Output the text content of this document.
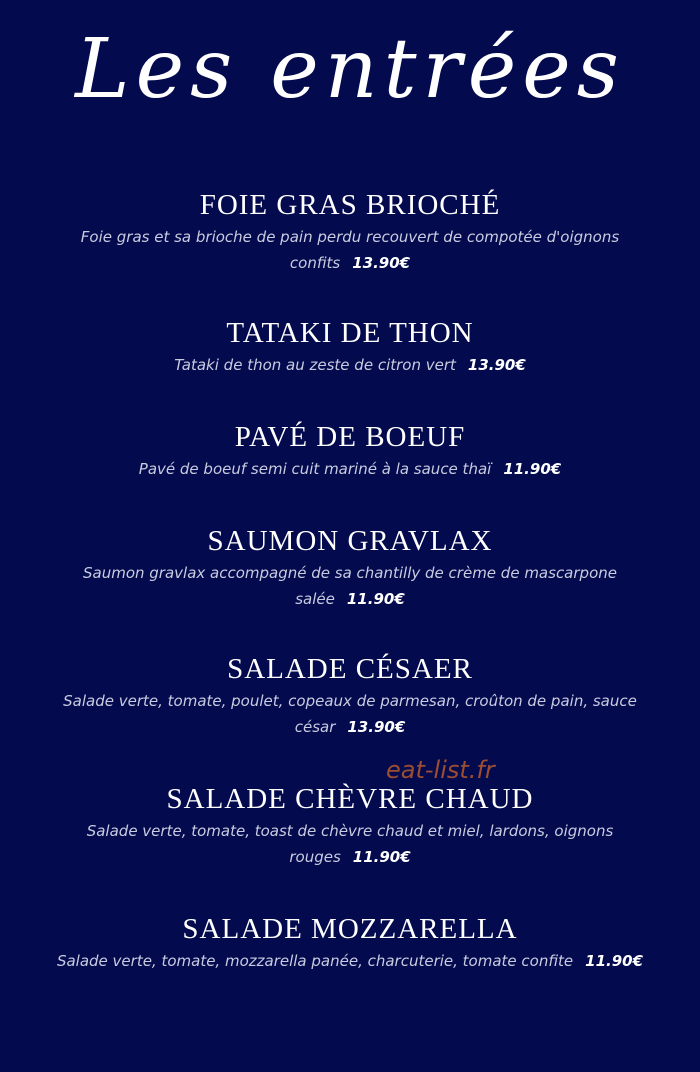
Les entrées
FOIE GRAS BRIOCHÉ

Foie gras et sa brioche de pain perdu recouvert de compotée d'oignons confits 13.90€

TATAKI DE THON

Tataki de thon au zeste de citron vert 13.90€

PAVÉ DE BOEUF

Pavé de boeuf semi cuit mariné à la sauce thaï 11.90€

SAUMON GRAVLAX

Saumon gravlax accompagné de sa chantilly de crème de mascarpone salée 11.90€

SALADE CÉSAER

Salade verte, tomate, poulet, copeaux de parmesan, croûton de pain, sauce césar 13.90€

SALADE CHÈVRE CHAUD

Salade verte, tomate, toast de chèvre chaud et miel, lardons, oignons rouges 11.90€

SALADE MOZZARELLA

Salade verte, tomate, mozzarella panée, charcuterie, tomate confite 11.90€

eat-list.fr
